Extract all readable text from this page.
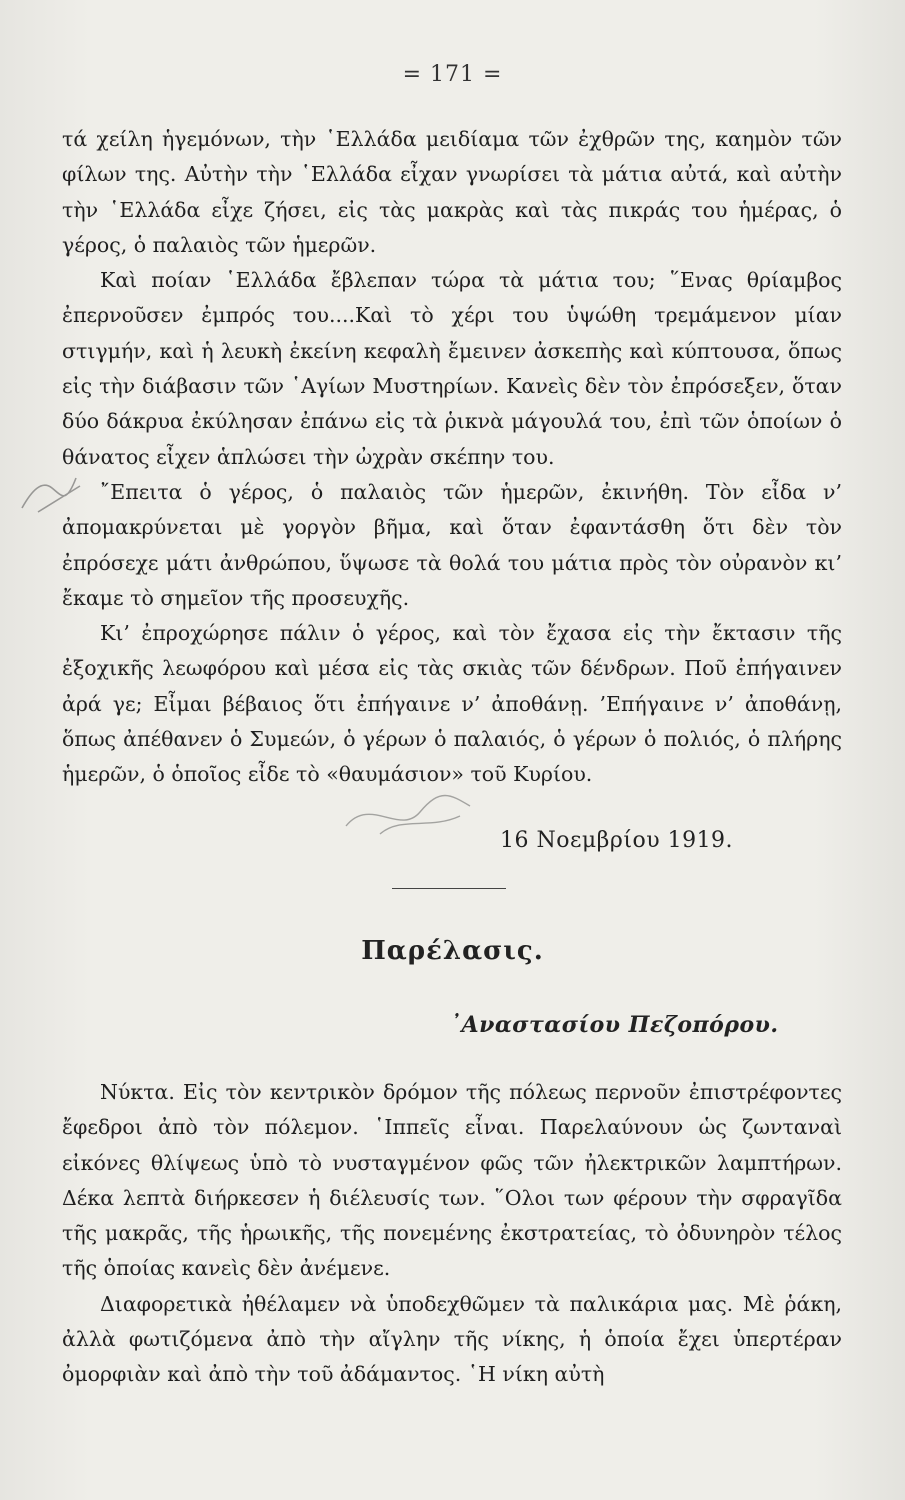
= 171 =

τά χείλη ἡγεμόνων, τὴν ῾Ελλάδα μειδίαμα τῶν ἐχθρῶν της, καημὸν τῶν φίλων της. Αὐτὴν τὴν ῾Ελλάδα εἶχαν γνωρίσει τὰ μάτια αὐτά, καὶ αὐτὴν τὴν ῾Ελλάδα εἶχε ζήσει, εἰς τὰς μακρὰς καὶ τὰς πικράς του ἡμέρας, ὁ γέρος, ὁ παλαιὸς τῶν ἡμερῶν.

Καὶ ποίαν ῾Ελλάδα ἔβλεπαν τώρα τὰ μάτια του; ῞Ενας θρίαμβος ἐπερνοῦσεν ἐμπρός του....Καὶ τὸ χέρι του ὑψώθη τρεμάμενον μίαν στιγμήν, καὶ ἡ λευκὴ ἐκείνη κεφαλὴ ἔμεινεν ἀσκεπὴς καὶ κύπτουσα, ὅπως εἰς τὴν διάβασιν τῶν ῾Αγίων Μυστηρίων. Κανεὶς δὲν τὸν ἐπρόσεξεν, ὅταν δύο δάκρυα ἐκύλησαν ἐπάνω εἰς τὰ ῥικνὰ μάγουλά του, ἐπὶ τῶν ὁποίων ὁ θάνατος εἶχεν ἁπλώσει τὴν ὠχρὰν σκέπην του.

῎Επειτα ὁ γέρος, ὁ παλαιὸς τῶν ἡμερῶν, ἐκινήθη. Τὸν εἶδα ν’ ἀπομακρύνεται μὲ γοργὸν βῆμα, καὶ ὅταν ἐφαντάσθη ὅτι δὲν τὸν ἐπρόσεχε μάτι ἀνθρώπου, ὕψωσε τὰ θολά του μάτια πρὸς τὸν οὐρανὸν κι’ ἔκαμε τὸ σημεῖον τῆς προσευχῆς.

Κι’ ἐπροχώρησε πάλιν ὁ γέρος, καὶ τὸν ἔχασα εἰς τὴν ἔκτασιν τῆς ἐξοχικῆς λεωφόρου καὶ μέσα εἰς τὰς σκιὰς τῶν δένδρων. Ποῦ ἐπήγαινεν ἀρά γε; Εἶμαι βέβαιος ὅτι ἐπήγαινε ν’ ἀποθάνῃ. ’Επήγαινε ν’ ἀποθάνῃ, ὅπως ἀπέθανεν ὁ Συμεών, ὁ γέρων ὁ παλαιός, ὁ γέρων ὁ πολιός, ὁ πλήρης ἡμερῶν, ὁ ὁποῖος εἶδε τὸ «θαυμάσιον» τοῦ Κυρίου.

16 Νοεμβρίου 1919.
Παρέλασις.
᾿Αναστασίου Πεζοπόρου.

Νύκτα. Εἰς τὸν κεντρικὸν δρόμον τῆς πόλεως περνοῦν ἐπιστρέφοντες ἔφεδροι ἀπὸ τὸν πόλεμον. ῾Ιππεῖς εἶναι. Παρελαύνουν ὡς ζωνταναὶ εἰκόνες θλίψεως ὑπὸ τὸ νυσταγμένον φῶς τῶν ἠλεκτρικῶν λαμπτήρων. Δέκα λεπτὰ διήρκεσεν ἡ διέλευσίς των. ῞Ολοι των φέρουν τὴν σφραγῖδα τῆς μακρᾶς, τῆς ἡρωικῆς, τῆς πονεμένης ἐκστρατείας, τὸ ὀδυνηρὸν τέλος τῆς ὁποίας κανεὶς δὲν ἀνέμενε.

Διαφορετικὰ ἠθέλαμεν νὰ ὑποδεχθῶμεν τὰ παλικάρια μας. Μὲ ῥάκη, ἀλλὰ φωτιζόμενα ἀπὸ τὴν αἴγλην τῆς νίκης, ἡ ὁποία ἔχει ὑπερτέραν ὀμορφιὰν καὶ ἀπὸ τὴν τοῦ ἀδάμαντος. ῾Η νίκη αὐτὴ
